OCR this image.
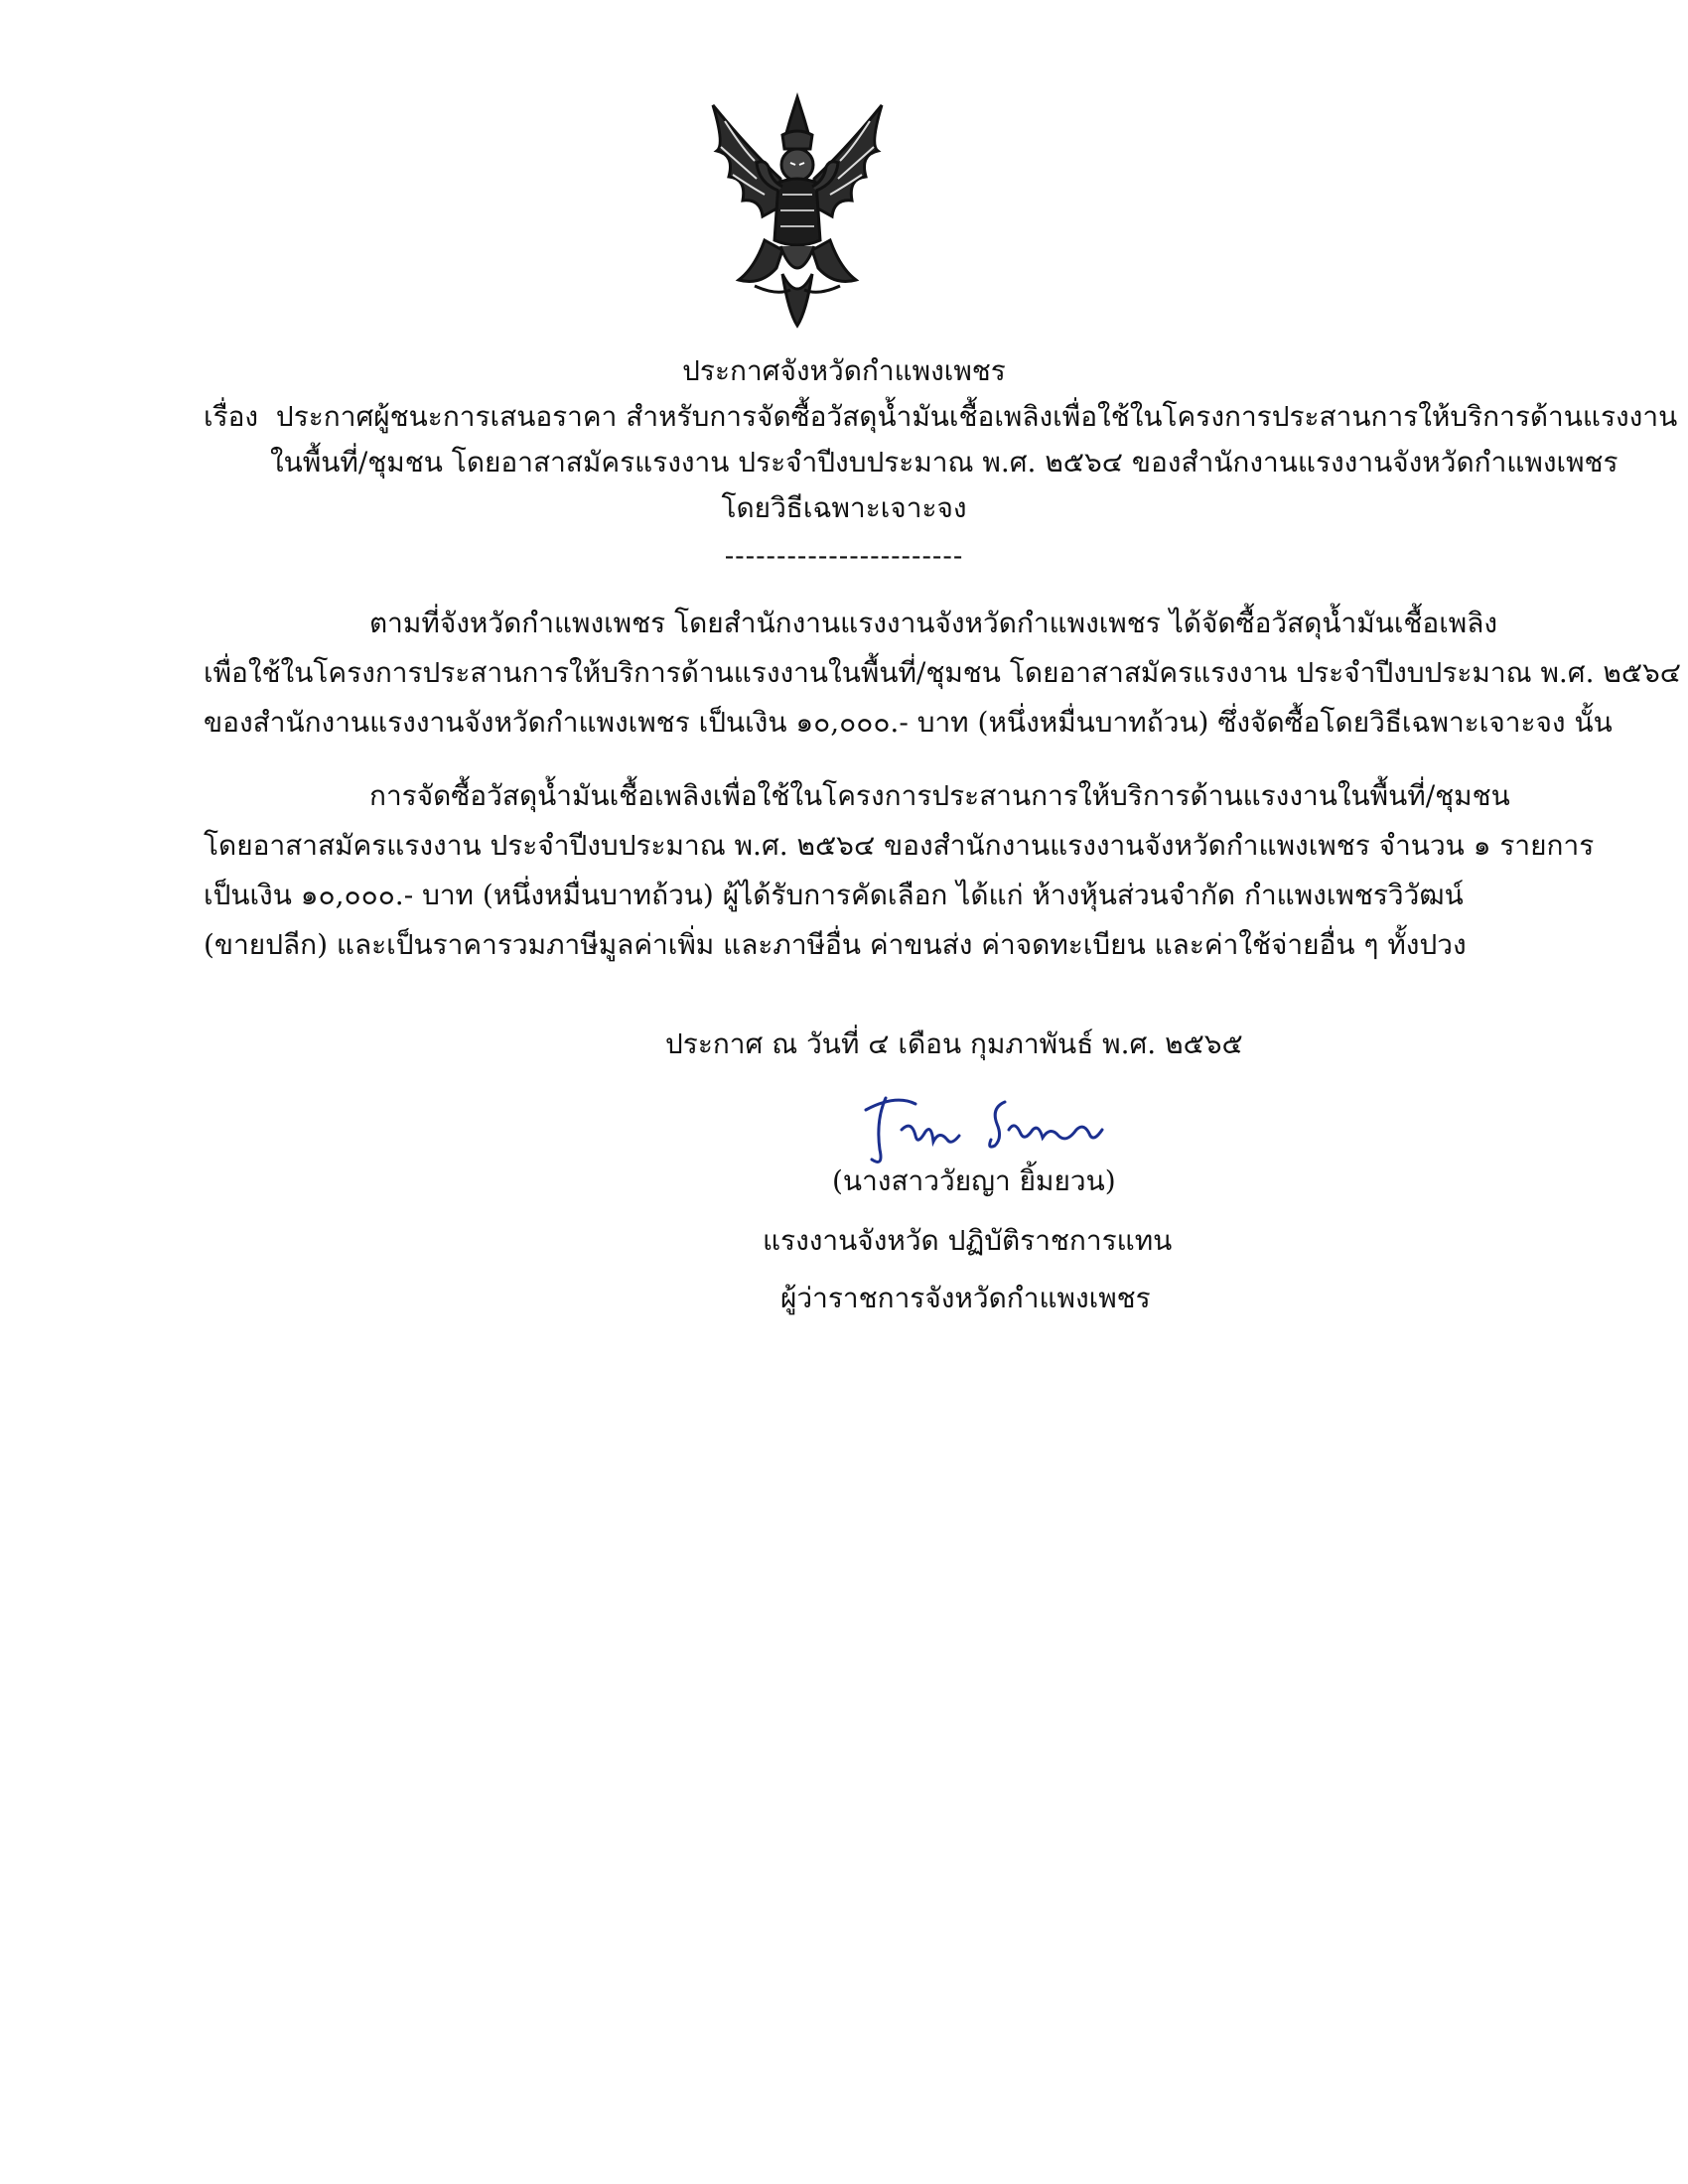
ประกาศจังหวัดกำแพงเพชร
เรื่อง ประกาศผู้ชนะการเสนอราคา สำหรับการจัดซื้อวัสดุน้ำมันเชื้อเพลิงเพื่อใช้ในโครงการประสานการให้บริการด้านแรงงาน
ในพื้นที่/ชุมชน โดยอาสาสมัครแรงงาน ประจำปีงบประมาณ พ.ศ. ๒๕๖๔ ของสำนักงานแรงงานจังหวัดกำแพงเพชร
โดยวิธีเฉพาะเจาะจง
-----------------------
ตามที่จังหวัดกำแพงเพชร โดยสำนักงานแรงงานจังหวัดกำแพงเพชร ได้จัดซื้อวัสดุน้ำมันเชื้อเพลิง
เพื่อใช้ในโครงการประสานการให้บริการด้านแรงงานในพื้นที่/ชุมชน โดยอาสาสมัครแรงงาน ประจำปีงบประมาณ พ.ศ. ๒๕๖๔
ของสำนักงานแรงงานจังหวัดกำแพงเพชร เป็นเงิน ๑๐,๐๐๐.- บาท (หนึ่งหมื่นบาทถ้วน) ซึ่งจัดซื้อโดยวิธีเฉพาะเจาะจง นั้น
การจัดซื้อวัสดุน้ำมันเชื้อเพลิงเพื่อใช้ในโครงการประสานการให้บริการด้านแรงงานในพื้นที่/ชุมชน
โดยอาสาสมัครแรงงาน ประจำปีงบประมาณ พ.ศ. ๒๕๖๔ ของสำนักงานแรงงานจังหวัดกำแพงเพชร จำนวน ๑ รายการ
เป็นเงิน ๑๐,๐๐๐.- บาท (หนึ่งหมื่นบาทถ้วน) ผู้ได้รับการคัดเลือก ได้แก่ ห้างหุ้นส่วนจำกัด กำแพงเพชรวิวัฒน์
(ขายปลีก) และเป็นราคารวมภาษีมูลค่าเพิ่ม และภาษีอื่น ค่าขนส่ง ค่าจดทะเบียน และค่าใช้จ่ายอื่น ๆ ทั้งปวง
ประกาศ ณ วันที่ ๔ เดือน กุมภาพันธ์ พ.ศ. ๒๕๖๕
(นางสาววัยญา ยิ้มยวน)
แรงงานจังหวัด ปฏิบัติราชการแทน
ผู้ว่าราชการจังหวัดกำแพงเพชร
